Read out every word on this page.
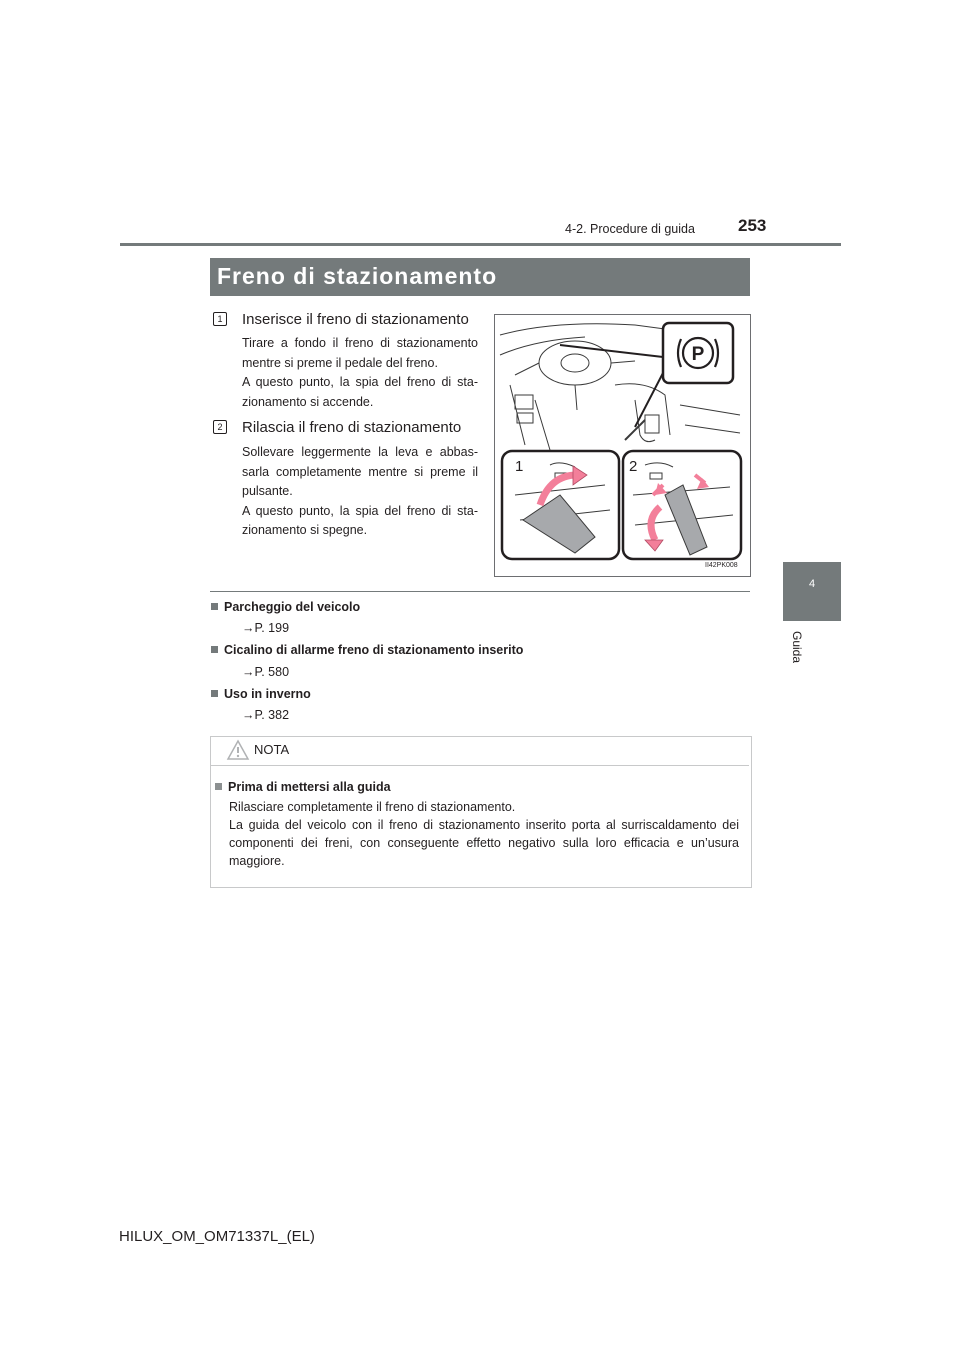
4-2. Procedure di guida	253
4
Guida
Freno di stazionamento
1	Inserisce il freno di stazionamento

Tirare a fondo il freno di stazionamento mentre si preme il pedale del freno.

A questo punto, la spia del freno di sta- zionamento si accende.

2	Rilascia il freno di stazionamento

Sollevare leggermente la leva e abbas- sarla completamente mentre si preme il pulsante.

A questo punto, la spia del freno di sta- zionamento si spegne.

P
1	2
II42PK008
Parcheggio del veicolo
→P. 199
Cicalino di allarme freno di stazionamento inserito
→P. 580
Uso in inverno
→P. 382
NOTA
Prima di mettersi alla guida

Rilasciare completamente il freno di stazionamento.

La guida del veicolo con il freno di stazionamento inserito porta al surriscaldamento dei componenti dei freni, con conseguente effetto negativo sulla loro efficacia e un’usura maggiore.

HILUX_OM_OM71337L_(EL)
